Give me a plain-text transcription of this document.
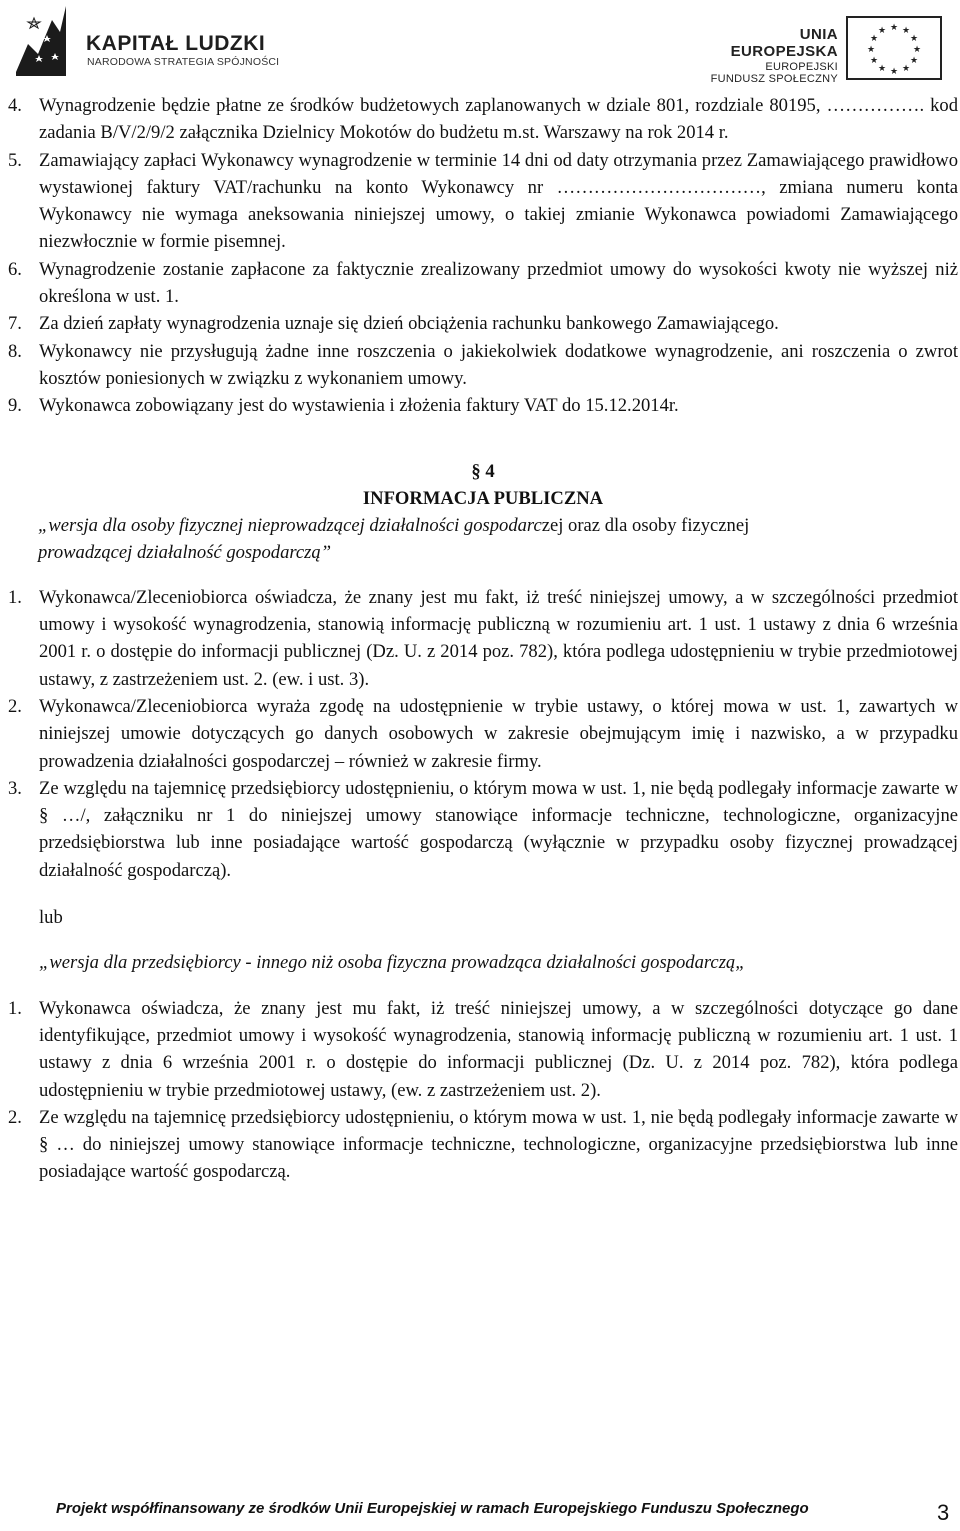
KAPITAŁ LUDZKI
NARODOWA STRATEGIA SPÓJNOŚCI
UNIA EUROPEJSKA
EUROPEJSKI
FUNDUSZ SPOŁECZNY
★ ★
★
★
★
★
★
★
★
★
★
★

4. Wynagrodzenie będzie płatne ze środków budżetowych zaplanowanych w dziale 801, rozdziale 80195, ……………. kod zadania B/V/2/9/2 załącznika Dzielnicy Mokotów do budżetu m.st. Warszawy na rok 2014 r.

5. Zamawiający zapłaci Wykonawcy wynagrodzenie w terminie 14 dni od daty otrzymania przez Zamawiającego prawidłowo wystawionej faktury VAT/rachunku na konto Wykonawcy nr ……………………………, zmiana numeru konta Wykonawcy nie wymaga aneksowania niniejszej umowy, o takiej zmianie Wykonawca powiadomi Zamawiającego niezwłocznie w formie pisemnej.

6. Wynagrodzenie zostanie zapłacone za faktycznie zrealizowany przedmiot umowy do wysokości kwoty nie wyższej niż określona w ust. 1.

7. Za dzień zapłaty wynagrodzenia uznaje się dzień obciążenia rachunku bankowego Zamawiającego.

8. Wykonawcy nie przysługują żadne inne roszczenia o jakiekolwiek dodatkowe wynagrodzenie, ani roszczenia o zwrot kosztów poniesionych w związku z wykonaniem umowy.

9. Wykonawca zobowiązany jest do wystawienia i złożenia faktury VAT do 15.12.2014r.

§ 4

INFORMACJA PUBLICZNA

„wersja dla osoby fizycznej nieprowadzącej działalności gospodarczej oraz dla osoby fizycznej
prowadzącej działalność gospodarczą”

1. Wykonawca/Zleceniobiorca oświadcza, że znany jest mu fakt, iż treść niniejszej umowy, a w szczególności przedmiot umowy i wysokość wynagrodzenia, stanowią informację publiczną w rozumieniu art. 1 ust. 1 ustawy z dnia 6 września 2001 r. o dostępie do informacji publicznej (Dz. U. z 2014 poz. 782), która podlega udostępnieniu w trybie przedmiotowej ustawy, z zastrzeżeniem ust. 2. (ew. i ust. 3).

2. Wykonawca/Zleceniobiorca wyraża zgodę na udostępnienie w trybie ustawy, o której mowa w ust. 1, zawartych w niniejszej umowie dotyczących go danych osobowych w zakresie obejmującym imię i nazwisko, a w przypadku prowadzenia działalności gospodarczej – również w zakresie firmy.

3. Ze względu na tajemnicę przedsiębiorcy udostępnieniu, o którym mowa w ust. 1, nie będą podlegały informacje zawarte w § …/, załączniku nr 1 do niniejszej umowy stanowiące informacje techniczne, technologiczne, organizacyjne przedsiębiorstwa lub inne posiadające wartość gospodarczą (wyłącznie w przypadku osoby fizycznej prowadzącej działalność gospodarczą).

lub

„wersja dla przedsiębiorcy - innego niż osoba fizyczna prowadząca działalności gospodarczą„

1. Wykonawca oświadcza, że znany jest mu fakt, iż treść niniejszej umowy, a w szczególności dotyczące go dane identyfikujące, przedmiot umowy i wysokość wynagrodzenia, stanowią informację publiczną w rozumieniu art. 1 ust. 1 ustawy z dnia 6 września 2001 r. o dostępie do informacji publicznej (Dz. U. z 2014 poz. 782), która podlega udostępnieniu w trybie przedmiotowej ustawy, (ew. z zastrzeżeniem ust. 2).

2. Ze względu na tajemnicę przedsiębiorcy udostępnieniu, o którym mowa w ust. 1, nie będą podlegały informacje zawarte w § … do niniejszej umowy stanowiące informacje techniczne, technologiczne, organizacyjne przedsiębiorstwa lub inne posiadające wartość gospodarczą.

Projekt współfinansowany ze środków Unii Europejskiej w ramach Europejskiego Funduszu Społecznego	3
